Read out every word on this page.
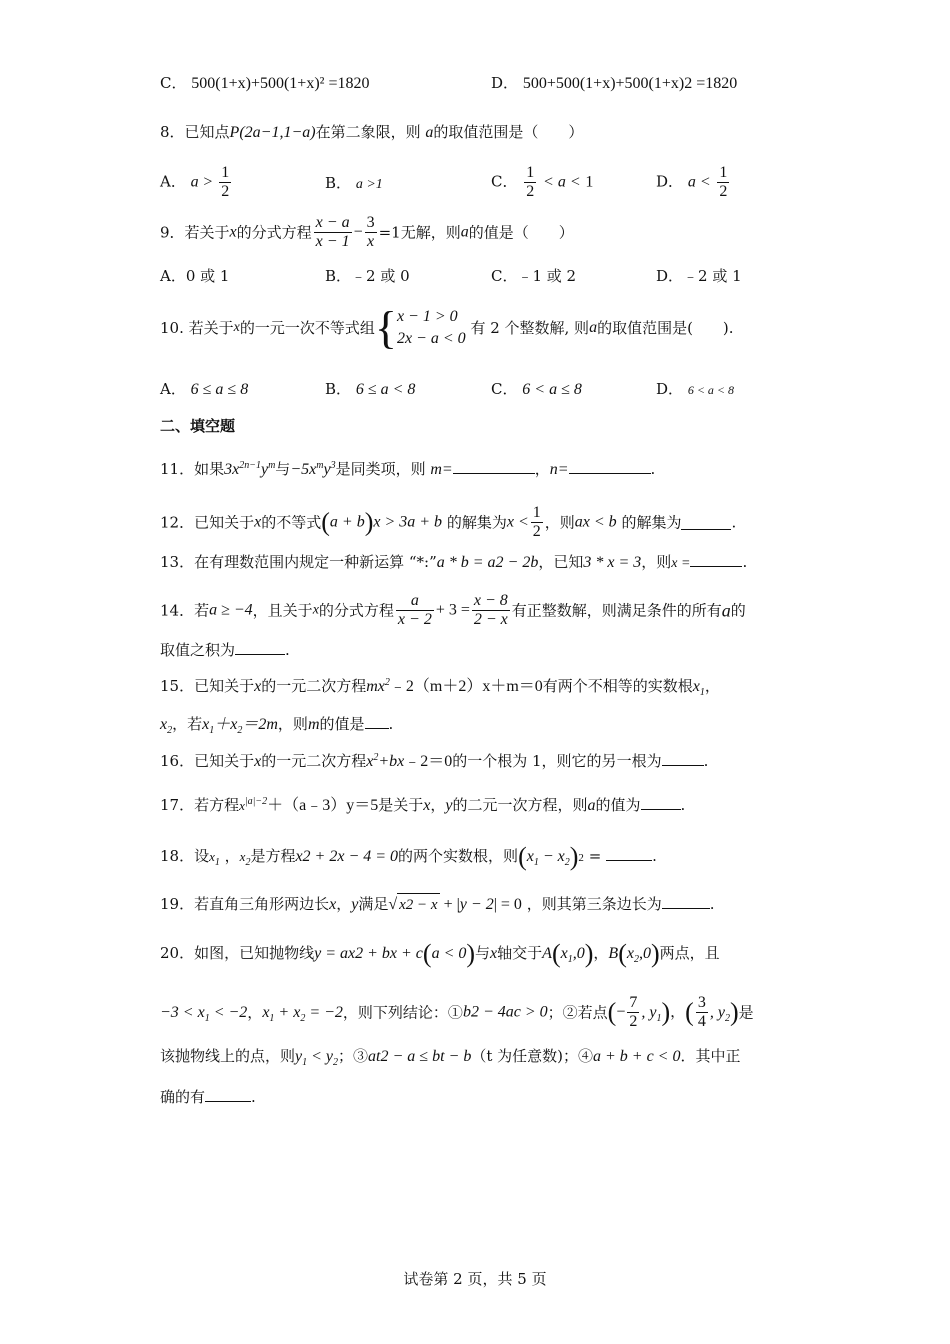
C． 500(1+x)+500(1+x)² =1820	D． 500+500(1+x)+500(1+x)2 =1820
8．已知点P(2a−1,1−a)在第二象限，则 a的取值范围是（　　）
A． $a > \frac{1}{2}$	B． a >1	C． $\frac{1}{2} < a < 1$	D． $a < \frac{1}{2}$
9．若关于x的分式方程 $\frac{x - a}{x - 1} - \frac{3}{x} =1$无解，则a的值是（　　）
A．0 或 1	B．﹣2 或 0	C．﹣1 或 2	D．﹣2 或 1
10. 若关于x的一元一次不等式组{ x − 1 > 0
2x − a < 0
有 2 个整数解, 则a的取值范围是(　　).
A． 6 ≤ a ≤ 8	B． 6 ≤ a < 8	C． 6 < a ≤ 8	D． 6 < a < 8
二、填空题
11．如果$3x^{2n-1}y^m$与$-5x^my^3$是同类项，则 m=	，n=	.
12．已知关于x的不等式(a + b)x > 3a + b 的解集为$x < \frac{1}{2}$ ，则ax < b 的解集为	.
13．在有理数范围内规定一种新运算 “*:”a * b = a2 − 2b，已知3 * x = 3，则x =	.
14．若a ≥ −4，且关于x的分式方程 $\frac{a}{x - 2} + 3 = \frac{x - 8}{2 - x}$ 有正整数解，则满足条件的所有a的
取值之积为	.
15．已知关于x的一元二次方程$mx^2﹣2(m+2)x+m=0$有两个不相等的实数根$x_1$，
$x_2$，若$x_1+x_2=2m$，则m的值是 .
16．已知关于x的一元二次方程$x^2+bx﹣2=0$的一个根为 1，则它的另一根为	.
17．若方程$x^{|a|-2}+(a﹣3)y=5$是关于x，y的二元一次方程，则a的值为	.
18．设$x_1$ ，$x_2$是方程x2 + 2x − 4 = 0的两个实数根，则$(x_1 - x_2)2$ =	.
19．若直角三角形两边长x，y满足√ x2 − x + |y − 2| = 0 ，则其第三条边长为	.
20．如图，已知抛物线y = ax2 + bx + c(a < 0)与x轴交于$A(x_1,0)$，$B(x_2,0)$两点，且
$-3 < x_1 < -2$，$x_1 + x_2 = -2$，则下列结论：①b2 − 4ac > 0；②若点(− $\frac{7}{2}$ , $y_1$)，( $\frac{3}{4}$ , $y_2$)是
该抛物线上的点，则$y_1 < y_2$；③at2 − a ≤ bt − b（t 为任意数)；④a + b + c < 0．其中正
确的有	.
试卷第 2 页，共 5 页
